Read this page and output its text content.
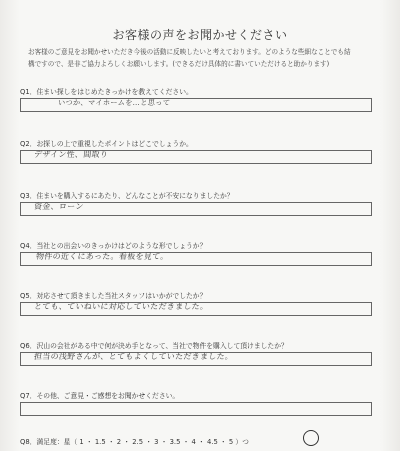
お客様の声をお聞かせください
お客様のご意見をお聞かせいただき今後の活動に反映したいと考えております。どのような些細なことでも結
構ですので、是非ご協力よろしくお願いします。(できるだけ具体的に書いていただけると助かります)
Q1．住まい探しをはじめたきっかけを教えてください。
いつか、マイホームを…と思って
Q2．お探しの上で重視したポイントはどこでしょうか。
デザイン性、間取り
Q3．住まいを購入するにあたり、どんなことが不安になりましたか？
資金、ローン
Q4．当社との出会いのきっかけはどのような形でしょうか？
物件の近くにあった。看板を見て。
Q5．対応させて頂きました当社スタッフはいかがでしたか？
とても、ていねいに対応していただきました。
Q6．沢山の会社がある中で何が決め手となって、当社で物件を購入して頂けましたか？
担当の浅野さんが、とてもよくしていただきました。
Q7．その他、ご意見・ご感想をお聞かせください。
Q8．満足度：星（ 1 ・ 1.5 ・ 2 ・ 2.5 ・ 3 ・ 3.5 ・ 4 ・ 4.5 ・ 5 ）つ
